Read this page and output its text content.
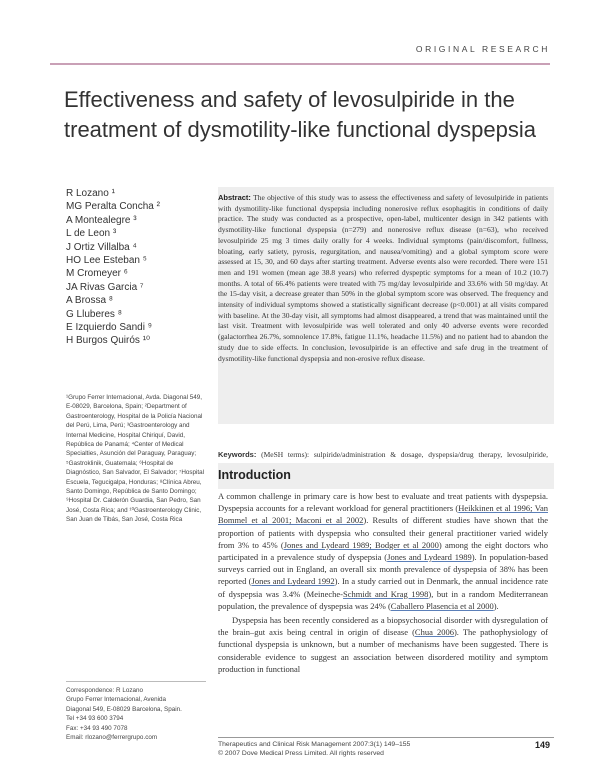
ORIGINAL RESEARCH
Effectiveness and safety of levosulpiride in the treatment of dysmotility-like functional dyspepsia
R Lozano ¹
MG Peralta Concha ²
A Montealegre ³
L de Leon ³
J Ortiz Villalba ⁴
HO Lee Esteban ⁵
M Cromeyer ⁶
JA Rivas Garcia ⁷
A Brossa ⁸
G Lluberes ⁸
E Izquierdo Sandi ⁹
H Burgos Quirós ¹⁰
¹Grupo Ferrer Internacional, Avda. Diagonal 549, E-08029, Barcelona, Spain; ²Department of Gastroenterology, Hospital de la Policía Nacional del Perú, Lima, Perú; ³Gastroenterology and Internal Medicine, Hospital Chiriquí, David, República de Panamá; ⁴Center of Medical Specialties, Asunción del Paraguay, Paraguay; ⁵Gastroklinik, Guatemala; ⁶Hospital de Diagnóstico, San Salvador, El Salvador; ⁷Hospital Escuela, Tegucigalpa, Honduras; ⁸Clínica Abreu, Santo Domingo, República de Santo Domingo; ⁹Hospital Dr. Calderón Guardia, San Pedro, San José, Costa Rica; and ¹⁰Gastroenterology Clinic, San Juan de Tibás, San José, Costa Rica
Correspondence: R Lozano
Grupo Ferrer Internacional, Avenida
Diagonal 549, E-08029 Barcelona, Spain.
Tel +34 93 600 3794
Fax: +34 93 490 7078
Email: rlozano@ferrergrupo.com
Abstract: The objective of this study was to assess the effectiveness and safety of levosulpiride in patients with dysmotility-like functional dyspepsia including nonerosive reflux esophagitis in conditions of daily practice. The study was conducted as a prospective, open-label, multicenter design in 342 patients with dysmotility-like functional dyspepsia (n=279) and nonerosive reflux disease (n=63), who received levosulpiride 25 mg 3 times daily orally for 4 weeks. Individual symptoms (pain/discomfort, fullness, bloating, early satiety, pyrosis, regurgitation, and nausea/vomiting) and a global symptom score were assessed at 15, 30, and 60 days after starting treatment. Adverse events also were recorded. There were 151 men and 191 women (mean age 38.8 years) who referred dyspeptic symptoms for a mean of 10.2 (10.7) months. A total of 66.4% patients were treated with 75 mg/day levosulpiride and 33.6% with 50 mg/day. At the 15-day visit, a decrease greater than 50% in the global symptom score was observed. The frequency and intensity of individual symptoms showed a statistically significant decrease (p<0.001) at all visits compared with baseline. At the 30-day visit, all symptoms had almost disappeared, a trend that was maintained until the last visit. Treatment with levosulpiride was well tolerated and only 40 adverse events were recorded (galactorrhea 26.7%, somnolence 17.8%, fatigue 11.1%, headache 11.5%) and no patient had to abandon the study due to side effects. In conclusion, levosulpiride is an effective and safe drug in the treatment of dysmotility-like functional dyspepsia and non-erosive reflux disease.
Keywords: (MeSH terms): sulpiride/administration & dosage, dyspepsia/drug therapy, levosulpiride,
Introduction

A common challenge in primary care is how best to evaluate and treat patients with dyspepsia. Dyspepsia accounts for a relevant workload for general practitioners (Heikkinen et al 1996; Van Bommel et al 2001; Maconi et al 2002). Results of different studies have shown that the proportion of patients with dyspepsia who consulted their general practitioner varied widely from 3% to 45% (Jones and Lydeard 1989; Bodger et al 2000) among the eight doctors who participated in a prevalence study of dyspepsia (Jones and Lydeard 1989). In population-based surveys carried out in England, an overall six month prevalence of dyspepsia of 38% has been reported (Jones and Lydeard 1992). In a study carried out in Denmark, the annual incidence rate of dyspepsia was 3.4% (Meineche-Schmidt and Krag 1998), but in a random Mediterranean population, the prevalence of dyspepsia was 24% (Caballero Plasencia et al 2000).

Dyspepsia has been recently considered as a biopsychosocial disorder with dysregulation of the brain–gut axis being central in origin of disease (Chua 2006). The pathophysiology of functional dyspepsia is unknown, but a number of mechanisms have been suggested. There is considerable evidence to suggest an association between disordered motility and symptom production in functional

Therapeutics and Clinical Risk Management 2007:3(1) 149–155
© 2007 Dove Medical Press Limited. All rights reserved
149
